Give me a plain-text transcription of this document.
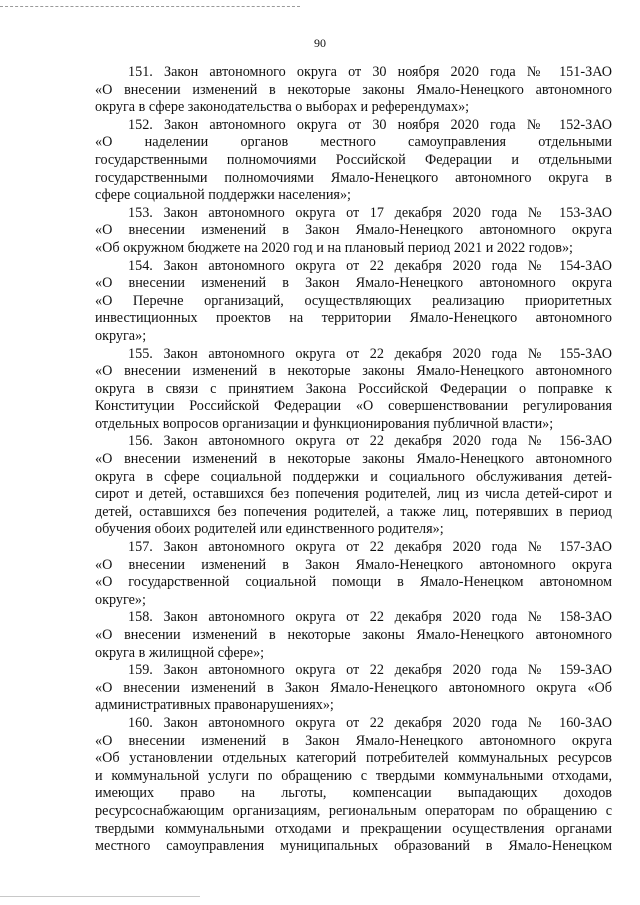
90
151. Закон автономного округа от 30 ноября 2020 года № 151-ЗАО
«О внесении изменений в некоторые законы Ямало-Ненецкого автономного
округа в сфере законодательства о выборах и референдумах»;
152. Закон автономного округа от 30 ноября 2020 года № 152-ЗАО
«О наделении органов местного самоуправления отдельными
государственными полномочиями Российской Федерации и отдельными
государственными полномочиями Ямало-Ненецкого автономного округа в
сфере социальной поддержки населения»;
153. Закон автономного округа от 17 декабря 2020 года № 153-ЗАО
«О внесении изменений в Закон Ямало-Ненецкого автономного округа
«Об окружном бюджете на 2020 год и на плановый период 2021 и 2022 годов»;
154. Закон автономного округа от 22 декабря 2020 года № 154-ЗАО
«О внесении изменений в Закон Ямало-Ненецкого автономного округа
«О Перечне организаций, осуществляющих реализацию приоритетных
инвестиционных проектов на территории Ямало-Ненецкого автономного
округа»;
155. Закон автономного округа от 22 декабря 2020 года № 155-ЗАО
«О внесении изменений в некоторые законы Ямало-Ненецкого автономного
округа в связи с принятием Закона Российской Федерации о поправке к
Конституции Российской Федерации «О совершенствовании регулирования
отдельных вопросов организации и функционирования публичной власти»;
156. Закон автономного округа от 22 декабря 2020 года № 156-ЗАО
«О внесении изменений в некоторые законы Ямало-Ненецкого автономного
округа в сфере социальной поддержки и социального обслуживания детей-
сирот и детей, оставшихся без попечения родителей, лиц из числа детей-сирот и
детей, оставшихся без попечения родителей, а также лиц, потерявших в период
обучения обоих родителей или единственного родителя»;
157. Закон автономного округа от 22 декабря 2020 года № 157-ЗАО
«О внесении изменений в Закон Ямало-Ненецкого автономного округа
«О государственной социальной помощи в Ямало-Ненецком автономном
округе»;
158. Закон автономного округа от 22 декабря 2020 года № 158-ЗАО
«О внесении изменений в некоторые законы Ямало-Ненецкого автономного
округа в жилищной сфере»;
159. Закон автономного округа от 22 декабря 2020 года № 159-ЗАО
«О внесении изменений в Закон Ямало-Ненецкого автономного округа «Об
административных правонарушениях»;
160. Закон автономного округа от 22 декабря 2020 года № 160-ЗАО
«О внесении изменений в Закон Ямало-Ненецкого автономного округа
«Об установлении отдельных категорий потребителей коммунальных ресурсов
и коммунальной услуги по обращению с твердыми коммунальными отходами,
имеющих право на льготы, компенсации выпадающих доходов
ресурсоснабжающим организациям, региональным операторам по обращению с
твердыми коммунальными отходами и прекращении осуществления органами
местного самоуправления муниципальных образований в Ямало-Ненецком
